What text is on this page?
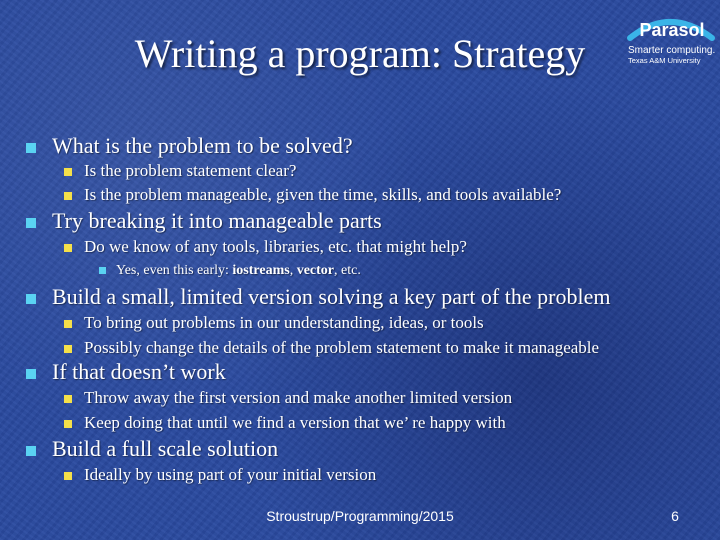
Writing a program: Strategy
Parasol
Smarter computing.
Texas A&M University
What is the problem to be solved?
Is the problem statement clear?
Is the problem manageable, given the time, skills, and tools available?
Try breaking it into manageable parts
Do we know of any tools, libraries, etc. that might help?
Yes, even this early: iostreams, vector, etc.
Build a small, limited version solving a key part of the problem
To bring out problems in our understanding, ideas, or tools
Possibly change the details of the problem statement to make it manageable
If that doesn’t work
Throw away the first version and make another limited version
Keep doing that until we find a version that we’ re happy with
Build a full scale solution
Ideally by using part of your initial version
Stroustrup/Programming/2015	6
